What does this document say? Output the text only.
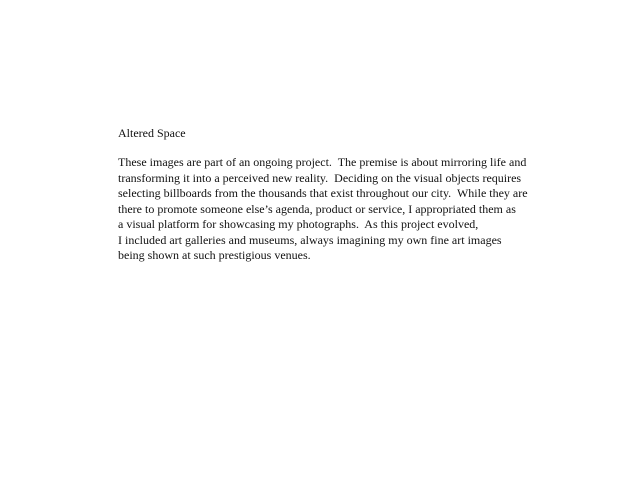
Altered Space
These images are part of an ongoing project.  The premise is about mirroring life and
transforming it into a perceived new reality.  Deciding on the visual objects requires
selecting billboards from the thousands that exist throughout our city.  While they are
there to promote someone else’s agenda, product or service, I appropriated them as
a visual platform for showcasing my photographs.  As this project evolved,
I included art galleries and museums, always imagining my own fine art images
being shown at such prestigious venues.
